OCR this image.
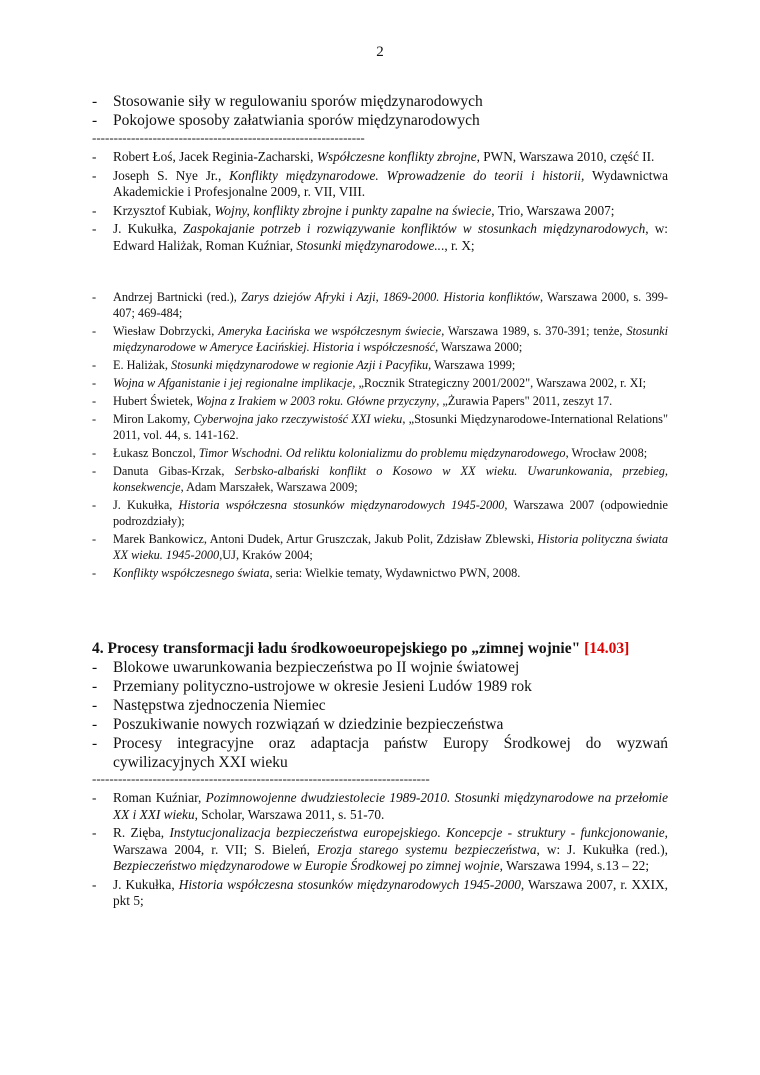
2
- Stosowanie siły w regulowaniu sporów międzynarodowych
- Pokojowe sposoby załatwiania sporów międzynarodowych
---------------------------------------------------------------
- Robert Łoś, Jacek Reginia-Zacharski, Współczesne konflikty zbrojne, PWN, Warszawa 2010, część II.
- Joseph S. Nye Jr., Konflikty międzynarodowe. Wprowadzenie do teorii i historii, Wydawnictwa Akademickie i Profesjonalne 2009, r. VII, VIII.
- Krzysztof Kubiak, Wojny, konflikty zbrojne i punkty zapalne na świecie, Trio, Warszawa 2007;
- J. Kukułka, Zaspokajanie potrzeb i rozwiązywanie konfliktów w stosunkach międzynarodowych, w: Edward Haliżak, Roman Kuźniar, Stosunki międzynarodowe..., r. X;
- Andrzej Bartnicki (red.), Zarys dziejów Afryki i Azji, 1869-2000. Historia konfliktów, Warszawa 2000, s. 399-407; 469-484;
- Wiesław Dobrzycki, Ameryka Łacińska we współczesnym świecie, Warszawa 1989, s. 370-391; tenże, Stosunki międzynarodowe w Ameryce Łacińskiej. Historia i współczesność, Warszawa 2000;
- E. Haliżak, Stosunki międzynarodowe w regionie Azji i Pacyfiku, Warszawa 1999;
- Wojna w Afganistanie i jej regionalne implikacje, „Rocznik Strategiczny 2001/2002", Warszawa 2002, r. XI;
- Hubert Świetek, Wojna z Irakiem w 2003 roku. Główne przyczyny, „Żurawia Papers" 2011, zeszyt 17.
- Miron Lakomy, Cyberwojna jako rzeczywistość XXI wieku, „Stosunki Międzynarodowe-International Relations" 2011, vol. 44, s. 141-162.
- Łukasz Bonczol, Timor Wschodni. Od reliktu kolonializmu do problemu międzynarodowego, Wrocław 2008;
- Danuta Gibas-Krzak, Serbsko-albański konflikt o Kosowo w XX wieku. Uwarunkowania, przebieg, konsekwencje, Adam Marszałek, Warszawa 2009;
- J. Kukułka, Historia współczesna stosunków międzynarodowych 1945-2000, Warszawa 2007 (odpowiednie podrozdziały);
- Marek Bankowicz, Antoni Dudek, Artur Gruszczak, Jakub Polit, Zdzisław Zblewski, Historia polityczna świata XX wieku. 1945-2000,UJ, Kraków 2004;
- Konflikty współczesnego świata, seria: Wielkie tematy, Wydawnictwo PWN, 2008.
4. Procesy transformacji ładu środkowoeuropejskiego po „zimnej wojnie" [14.03]
- Blokowe uwarunkowania bezpieczeństwa po II wojnie światowej
- Przemiany polityczno-ustrojowe w okresie Jesieni Ludów 1989 rok
- Następstwa zjednoczenia Niemiec
- Poszukiwanie nowych rozwiązań w dziedzinie bezpieczeństwa
- Procesy integracyjne oraz adaptacja państw Europy Środkowej do wyzwań cywilizacyjnych XXI wieku
------------------------------------------------------------------------------
- Roman Kuźniar, Pozimnowojenne dwudziestolecie 1989-2010. Stosunki międzynarodowe na przełomie XX i XXI wieku, Scholar, Warszawa 2011, s. 51-70.
- R. Zięba, Instytucjonalizacja bezpieczeństwa europejskiego. Koncepcje - struktury - funkcjonowanie, Warszawa 2004, r. VII; S. Bieleń, Erozja starego systemu bezpieczeństwa, w: J. Kukułka (red.), Bezpieczeństwo międzynarodowe w Europie Środkowej po zimnej wojnie, Warszawa 1994, s.13 – 22;
- J. Kukułka, Historia współczesna stosunków międzynarodowych 1945-2000, Warszawa 2007, r. XXIX, pkt 5;
